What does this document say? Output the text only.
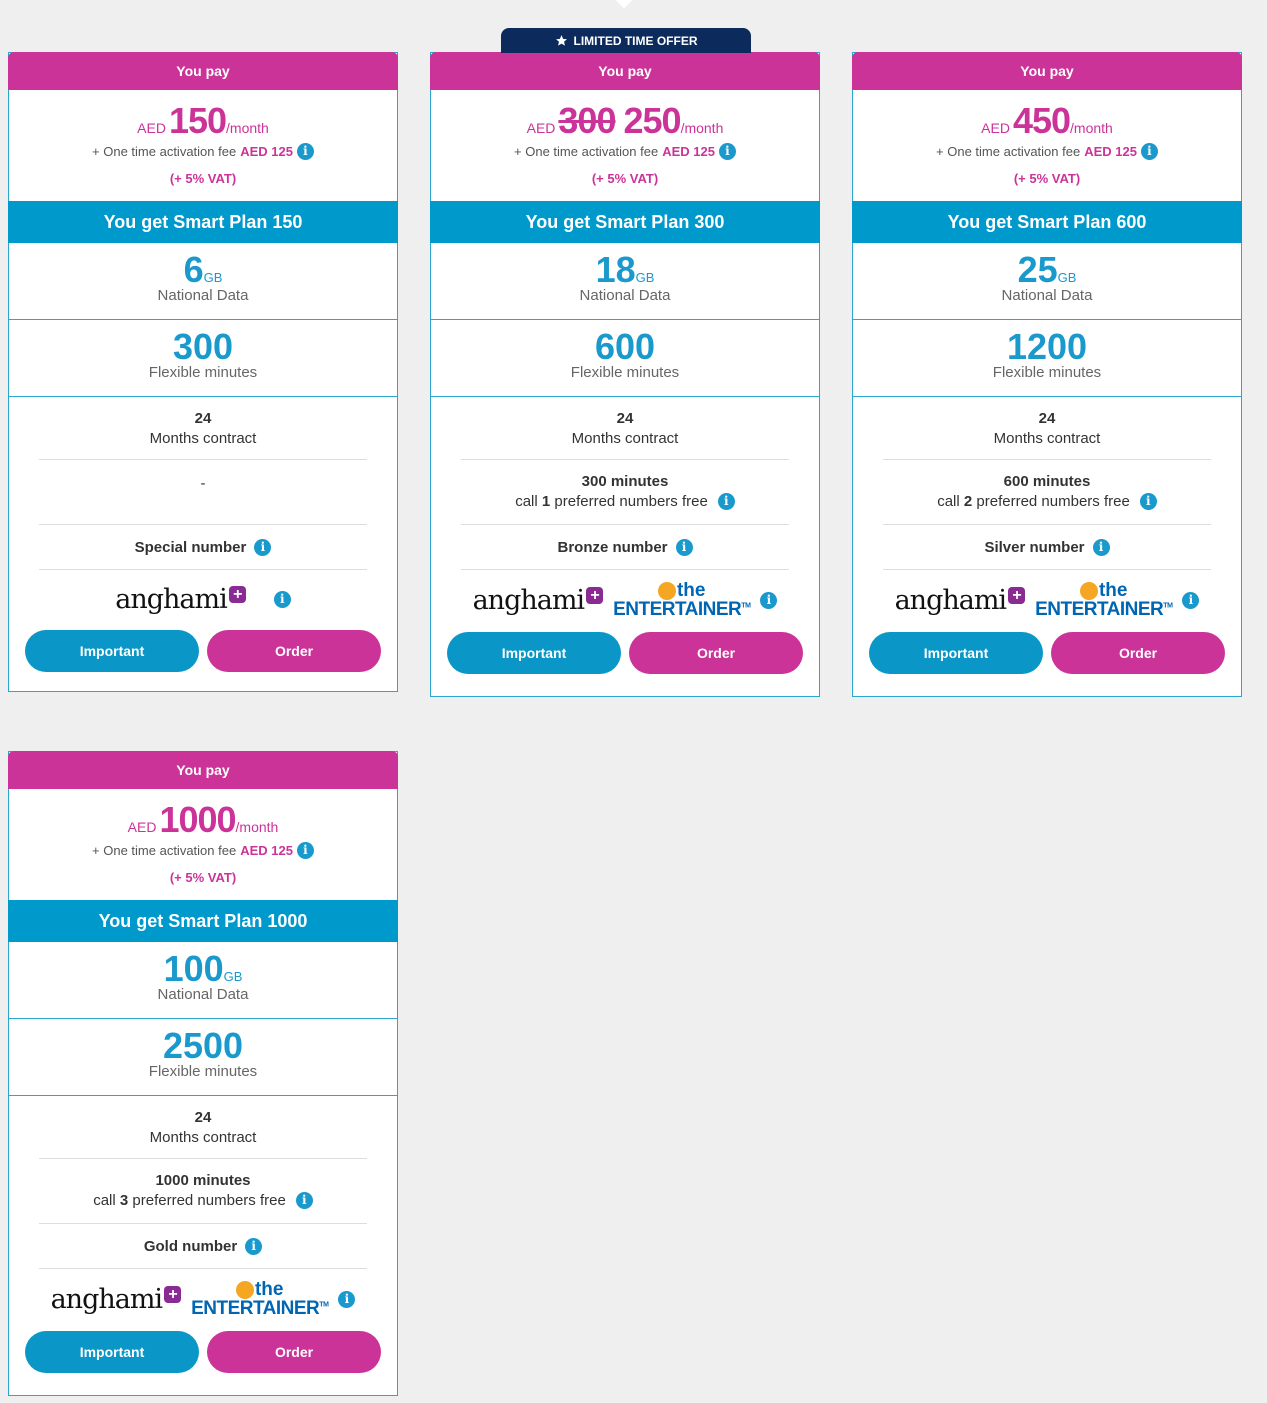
You pay
AED 150 /month
+ One time activation fee AED 125 i
(+ 5% VAT)
You get Smart Plan 150
6GB
National Data
300
Flexible minutes
24
Months contract
-
Special number	i
anghami +	i
Important	Order
LIMITED TIME OFFER
You pay
AED 300 250 /month
+ One time activation fee AED 125 i
(+ 5% VAT)
You get Smart Plan 300
18GB
National Data
600
Flexible minutes
24
Months contract
300 minutes
call 1 preferred numbers free	i
Bronze number	i
anghami +	the
ENTERTAINER™	i
Important	Order
You pay
AED 450 /month
+ One time activation fee AED 125 i
(+ 5% VAT)
You get Smart Plan 600
25GB
National Data
1200
Flexible minutes
24
Months contract
600 minutes
call 2 preferred numbers free	i
Silver number	i
anghami +	the
ENTERTAINER™	i
Important	Order
You pay
AED 1000 /month
+ One time activation fee AED 125 i
(+ 5% VAT)
You get Smart Plan 1000
100GB
National Data
2500
Flexible minutes
24
Months contract
1000 minutes
call 3 preferred numbers free	i
Gold number	i
anghami +	the
ENTERTAINER™	i
Important	Order
